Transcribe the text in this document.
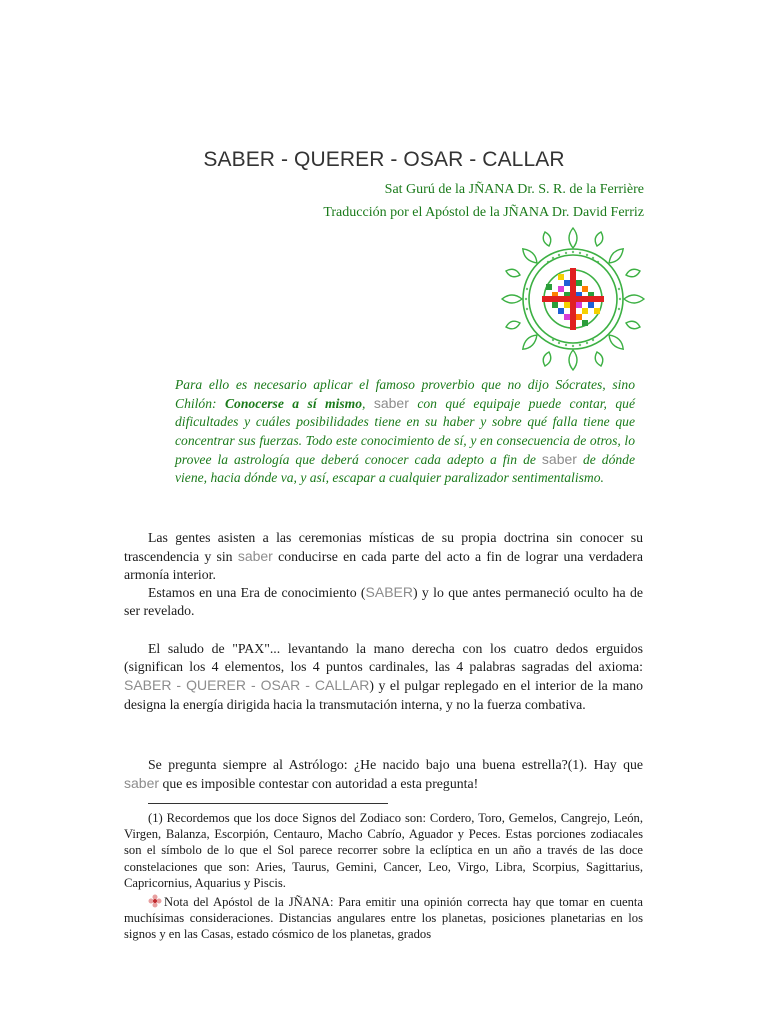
SABER - QUERER - OSAR - CALLAR
Sat Gurú de la JÑANA Dr. S. R. de la Ferrière
Traducción por el Apóstol de la JÑANA Dr. David Ferriz
Para ello es necesario aplicar el famoso proverbio que no dijo Sócrates, sino Chilón: Conocerse a sí mismo, saber con qué equipaje puede contar, qué dificultades y cuáles posibilidades tiene en su haber y sobre qué falla tiene que concentrar sus fuerzas. Todo este conocimiento de sí, y en consecuencia de otros, lo provee la astrología que deberá conocer cada adepto a fin de saber de dónde viene, hacia dónde va, y así, escapar a cualquier paralizador sentimentalismo.
Las gentes asisten a las ceremonias místicas de su propia doctrina sin conocer su trascendencia y sin saber conducirse en cada parte del acto a fin de lograr una verdadera armonía interior.
Estamos en una Era de conocimiento (SABER) y lo que antes permaneció oculto ha de ser revelado.
El saludo de "PAX"... levantando la mano derecha con los cuatro dedos erguidos (significan los 4 elementos, los 4 puntos cardinales, las 4 palabras sagradas del axioma: SABER - QUERER - OSAR - CALLAR) y el pulgar replegado en el interior de la mano designa la energía dirigida hacia la transmutación interna, y no la fuerza combativa.
Se pregunta siempre al Astrólogo: ¿He nacido bajo una buena estrella?(1). Hay que saber que es imposible contestar con autoridad a esta pregunta!
(1) Recordemos que los doce Signos del Zodiaco son: Cordero, Toro, Gemelos, Cangrejo, León, Virgen, Balanza, Escorpión, Centauro, Macho Cabrío, Aguador y Peces. Estas porciones zodiacales son el símbolo de lo que el Sol parece recorrer sobre la eclíptica en un año a través de las doce constelaciones que son: Aries, Taurus, Gemini, Cancer, Leo, Virgo, Libra, Scorpius, Sagittarius, Capricornius, Aquarius y Piscis.
Nota del Apóstol de la JÑANA: Para emitir una opinión correcta hay que tomar en cuenta muchísimas consideraciones. Distancias angulares entre los planetas, posiciones planetarias en los signos y en las Casas, estado cósmico de los planetas, grados
